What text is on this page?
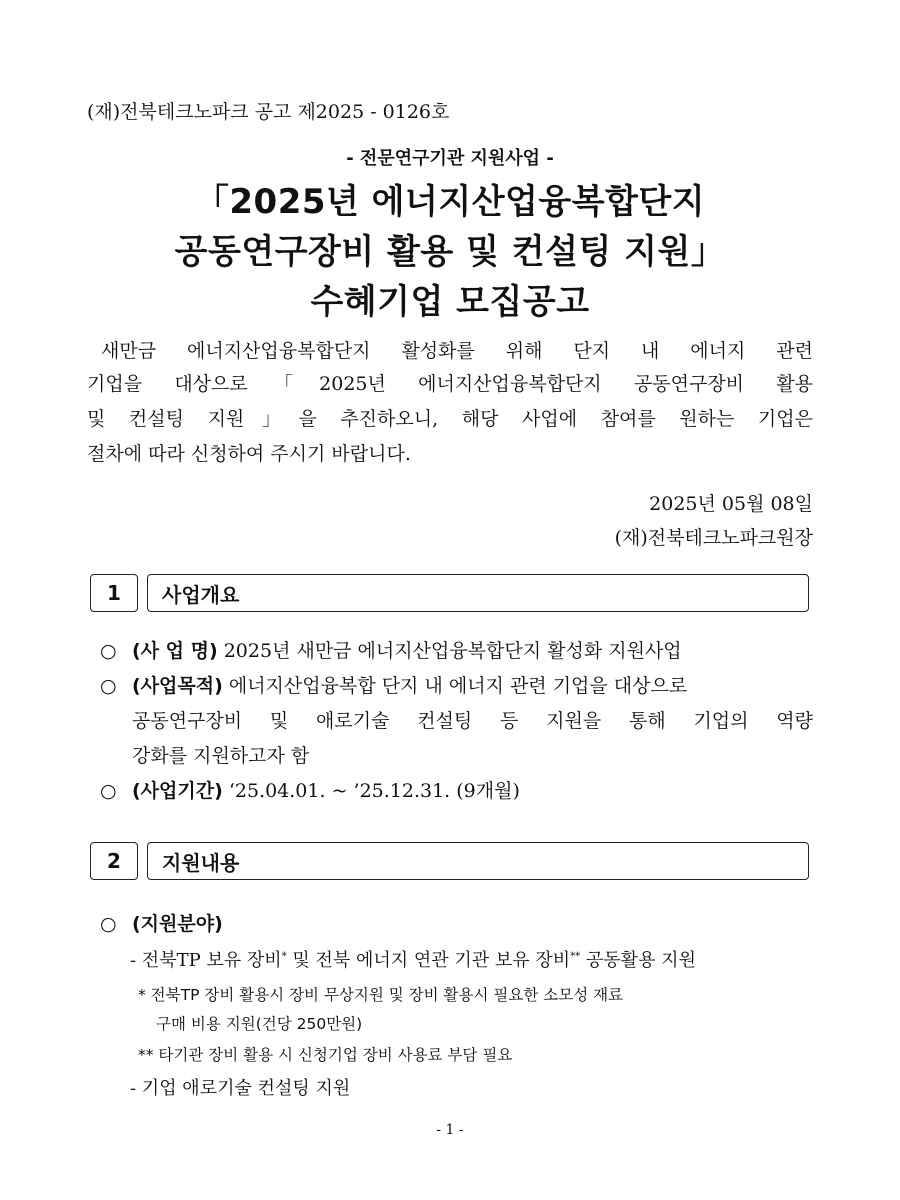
(재)전북테크노파크 공고 제2025 - 0126호
- 전문연구기관 지원사업 -
「2025년 에너지산업융복합단지
공동연구장비 활용 및 컨설팅 지원」
수혜기업 모집공고
새만금 에너지산업융복합단지 활성화를 위해 단지 내 에너지 관련
기업을 대상으로「2025년 에너지산업융복합단지 공동연구장비 활용
및 컨설팅 지원」을 추진하오니, 해당 사업에 참여를 원하는 기업은
절차에 따라 신청하여 주시기 바랍니다.
2025년 05월 08일
(재)전북테크노파크원장
1	사업개요
○ (사 업 명) 2025년 새만금 에너지산업융복합단지 활성화 지원사업
○ (사업목적) 에너지산업융복합 단지 내 에너지 관련 기업을 대상으로
공동연구장비 및 애로기술 컨설팅 등 지원을 통해 기업의 역량
강화를 지원하고자 함
○ (사업기간) ‘25.04.01. ~ ’25.12.31. (9개월)
2	지원내용
○ (지원분야)
- 전북TP 보유 장비* 및 전북 에너지 연관 기관 보유 장비** 공동활용 지원
* 전북TP 장비 활용시 장비 무상지원 및 장비 활용시 필요한 소모성 재료
구매 비용 지원(건당 250만원)
** 타기관 장비 활용 시 신청기업 장비 사용료 부담 필요
- 기업 애로기술 컨설팅 지원
- 1 -
